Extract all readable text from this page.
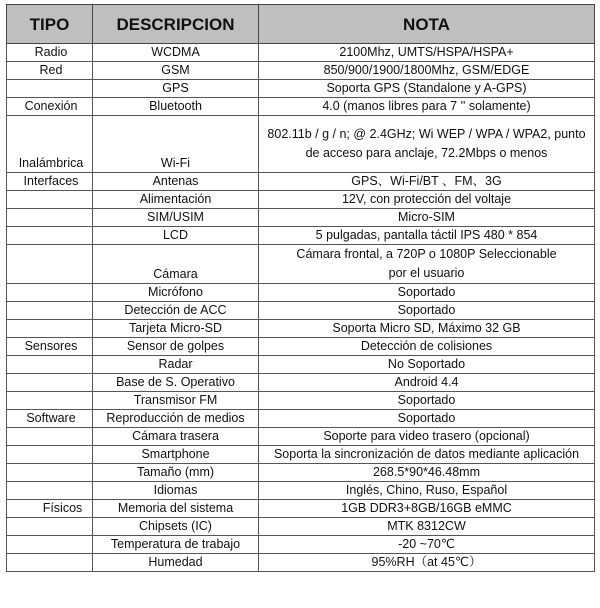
TIPO	DESCRIPCION	NOTA
Radio	WCDMA	2100Mhz, UMTS/HSPA/HSPA+
Red	GSM	850/900/1900/1800Mhz, GSM/EDGE
	GPS	Soporta GPS (Standalone y A-GPS)
Conexión	Bluetooth	4.0 (manos libres para 7 '' solamente)
Inalámbrica	Wi-Fi	802.11b / g / n; @ 2.4GHz; Wi WEP / WPA / WPA2, punto de acceso para anclaje, 72.2Mbps o menos
Interfaces	Antenas	GPS、Wi-Fi/BT 、FM、3G
	Alimentación	12V, con protección del voltaje
	SIM/USIM	Micro-SIM
	LCD	5 pulgadas, pantalla táctil IPS 480 * 854
	Cámara	Cámara frontal, a 720P o 1080P Seleccionable por el usuario
	Micrófono	Soportado
	Detección de ACC	Soportado
	Tarjeta Micro-SD	Soporta Micro SD, Máximo 32 GB
Sensores	Sensor de golpes	Detección de colisiones
	Radar	No Soportado
	Base de S. Operativo	Android 4.4
	Transmisor FM	Soportado
Software	Reproducción de medios	Soportado
	Cámara trasera	Soporte para video trasero (opcional)
	Smartphone	Soporta la sincronización de datos mediante aplicación
	Tamaño (mm)	268.5*90*46.48mm
	Idiomas	Inglés, Chino, Ruso, Español
Físicos	Memoria del sistema	1GB DDR3+8GB/16GB eMMC
	Chipsets (IC)	MTK 8312CW
	Temperatura de trabajo	-20 ~70℃
	Humedad	95%RH（at 45℃）
